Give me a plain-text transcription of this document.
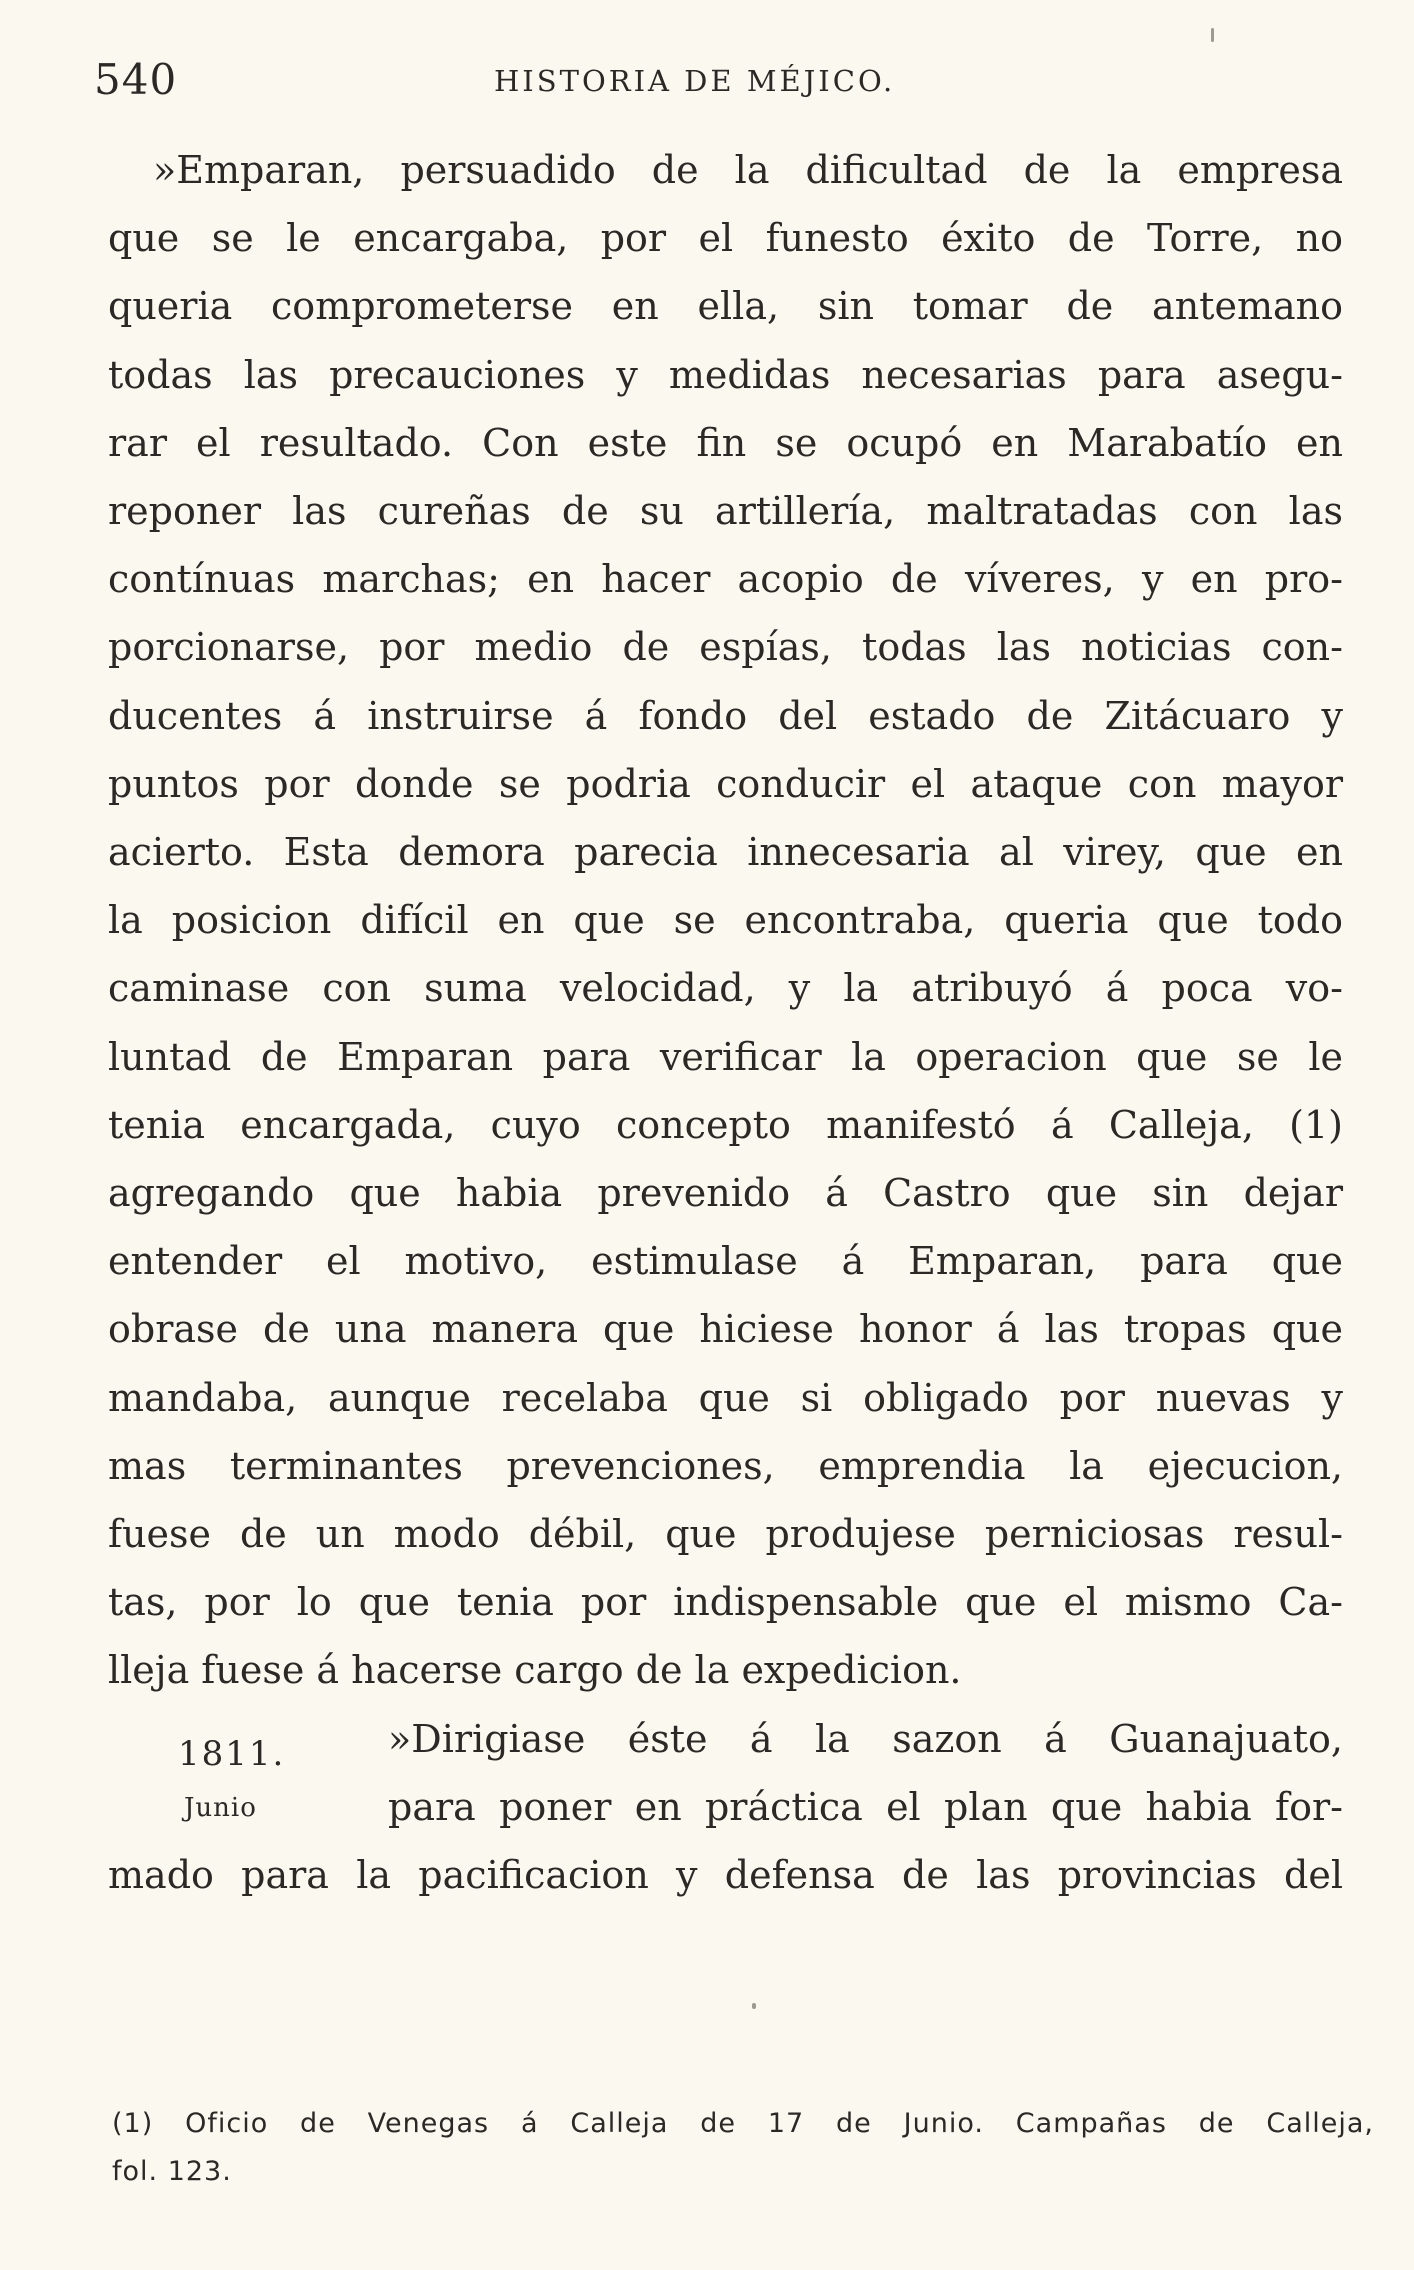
540	HISTORIA DE MÉJICO.
»Emparan, persuadido de la dificultad de la empresa
que se le encargaba, por el funesto éxito de Torre, no
queria comprometerse en ella, sin tomar de antemano
todas las precauciones y medidas necesarias para asegu-
rar el resultado. Con este fin se ocupó en Marabatío en
reponer las cureñas de su artillería, maltratadas con las
contínuas marchas; en hacer acopio de víveres, y en pro-
porcionarse, por medio de espías, todas las noticias con-
ducentes á instruirse á fondo del estado de Zitácuaro y
puntos por donde se podria conducir el ataque con mayor
acierto. Esta demora parecia innecesaria al virey, que en
la posicion difícil en que se encontraba, queria que todo
caminase con suma velocidad, y la atribuyó á poca vo-
luntad de Emparan para verificar la operacion que se le
tenia encargada, cuyo concepto manifestó á Calleja, (1)
agregando que habia prevenido á Castro que sin dejar
entender el motivo, estimulase á Emparan, para que
obrase de una manera que hiciese honor á las tropas que
mandaba, aunque recelaba que si obligado por nuevas y
mas terminantes prevenciones, emprendia la ejecucion,
fuese de un modo débil, que produjese perniciosas resul-
tas, por lo que tenia por indispensable que el mismo Ca-
lleja fuese á hacerse cargo de la expedicion.
»Dirigiase éste á la sazon á Guanajuato,
para poner en práctica el plan que habia for-
mado para la pacificacion y defensa de las provincias del
1811.
Junio
(1) Oficio de Venegas á Calleja de 17 de Junio. Campañas de Calleja,
fol. 123.
